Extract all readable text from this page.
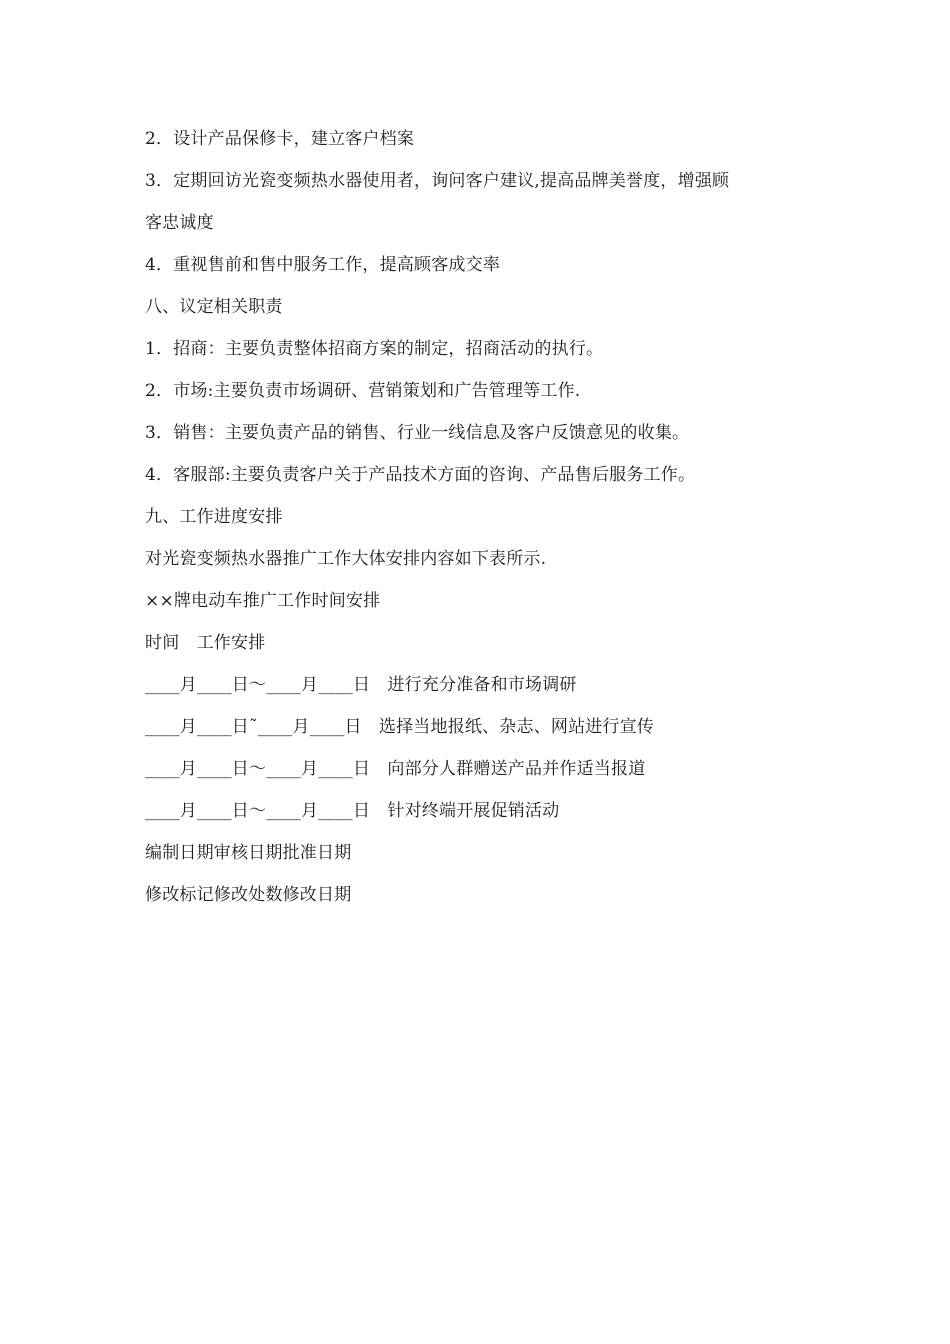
2．设计产品保修卡，建立客户档案
3．定期回访光瓷变频热水器使用者，询问客户建议,提高品牌美誉度，增强顾
客忠诚度
4．重视售前和售中服务工作，提高顾客成交率
八、议定相关职责
1．招商：主要负责整体招商方案的制定，招商活动的执行。
2．市场:主要负责市场调研、营销策划和广告管理等工作.
3．销售：主要负责产品的销售、行业一线信息及客户反馈意见的收集。
4．客服部:主要负责客户关于产品技术方面的咨询、产品售后服务工作。
九、工作进度安排
对光瓷变频热水器推广工作大体安排内容如下表所示.
××牌电动车推广工作时间安排
时间　工作安排
____月____日～____月____日　进行充分准备和市场调研
____月____日˜____月____日　选择当地报纸、杂志、网站进行宣传
____月____日～____月____日　向部分人群赠送产品并作适当报道
____月____日～____月____日　针对终端开展促销活动
编制日期审核日期批准日期
修改标记修改处数修改日期
